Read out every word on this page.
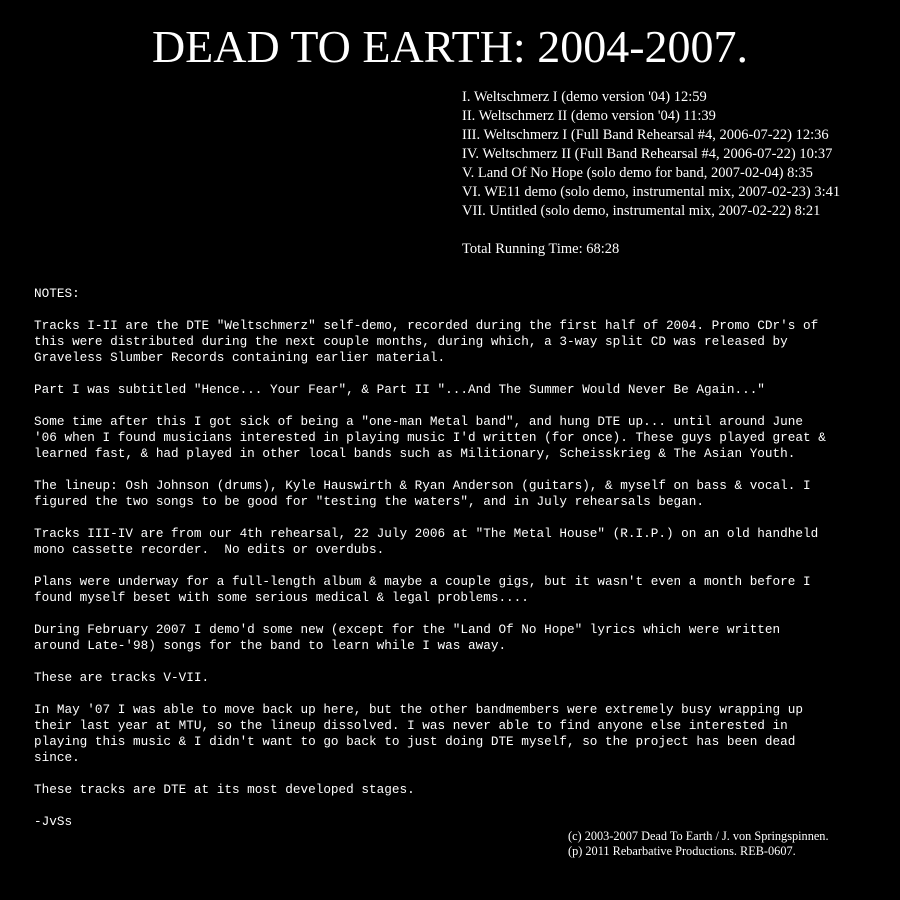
DEAD TO EARTH: 2004-2007.
I. Weltschmerz I (demo version '04) 12:59
II. Weltschmerz II (demo version '04) 11:39
III. Weltschmerz I (Full Band Rehearsal #4, 2006-07-22) 12:36
IV. Weltschmerz II (Full Band Rehearsal #4, 2006-07-22) 10:37
V. Land Of No Hope (solo demo for band, 2007-02-04) 8:35
VI. WE11 demo (solo demo, instrumental mix, 2007-02-23) 3:41
VII. Untitled (solo demo, instrumental mix, 2007-02-22) 8:21
Total Running Time: 68:28

NOTES:

Tracks I-II are the DTE "Weltschmerz" self-demo, recorded during the first half of 2004. Promo CDr's of
this were distributed during the next couple months, during which, a 3-way split CD was released by
Graveless Slumber Records containing earlier material.

Part I was subtitled "Hence... Your Fear", & Part II "...And The Summer Would Never Be Again..."

Some time after this I got sick of being a "one-man Metal band", and hung DTE up... until around June
'06 when I found musicians interested in playing music I'd written (for once). These guys played great &
learned fast, & had played in other local bands such as Militionary, Scheisskrieg & The Asian Youth.

The lineup: Osh Johnson (drums), Kyle Hauswirth & Ryan Anderson (guitars), & myself on bass & vocal. I
figured the two songs to be good for "testing the waters", and in July rehearsals began.

Tracks III-IV are from our 4th rehearsal, 22 July 2006 at "The Metal House" (R.I.P.) on an old handheld
mono cassette recorder.  No edits or overdubs.

Plans were underway for a full-length album & maybe a couple gigs, but it wasn't even a month before I
found myself beset with some serious medical & legal problems....

During February 2007 I demo'd some new (except for the "Land Of No Hope" lyrics which were written
around Late-'98) songs for the band to learn while I was away.

These are tracks V-VII.

In May '07 I was able to move back up here, but the other bandmembers were extremely busy wrapping up
their last year at MTU, so the lineup dissolved. I was never able to find anyone else interested in
playing this music & I didn't want to go back to just doing DTE myself, so the project has been dead
since.

These tracks are DTE at its most developed stages.

-JvSs

(c) 2003-2007 Dead To Earth / J. von Springspinnen.
(p) 2011 Rebarbative Productions. REB-0607.
